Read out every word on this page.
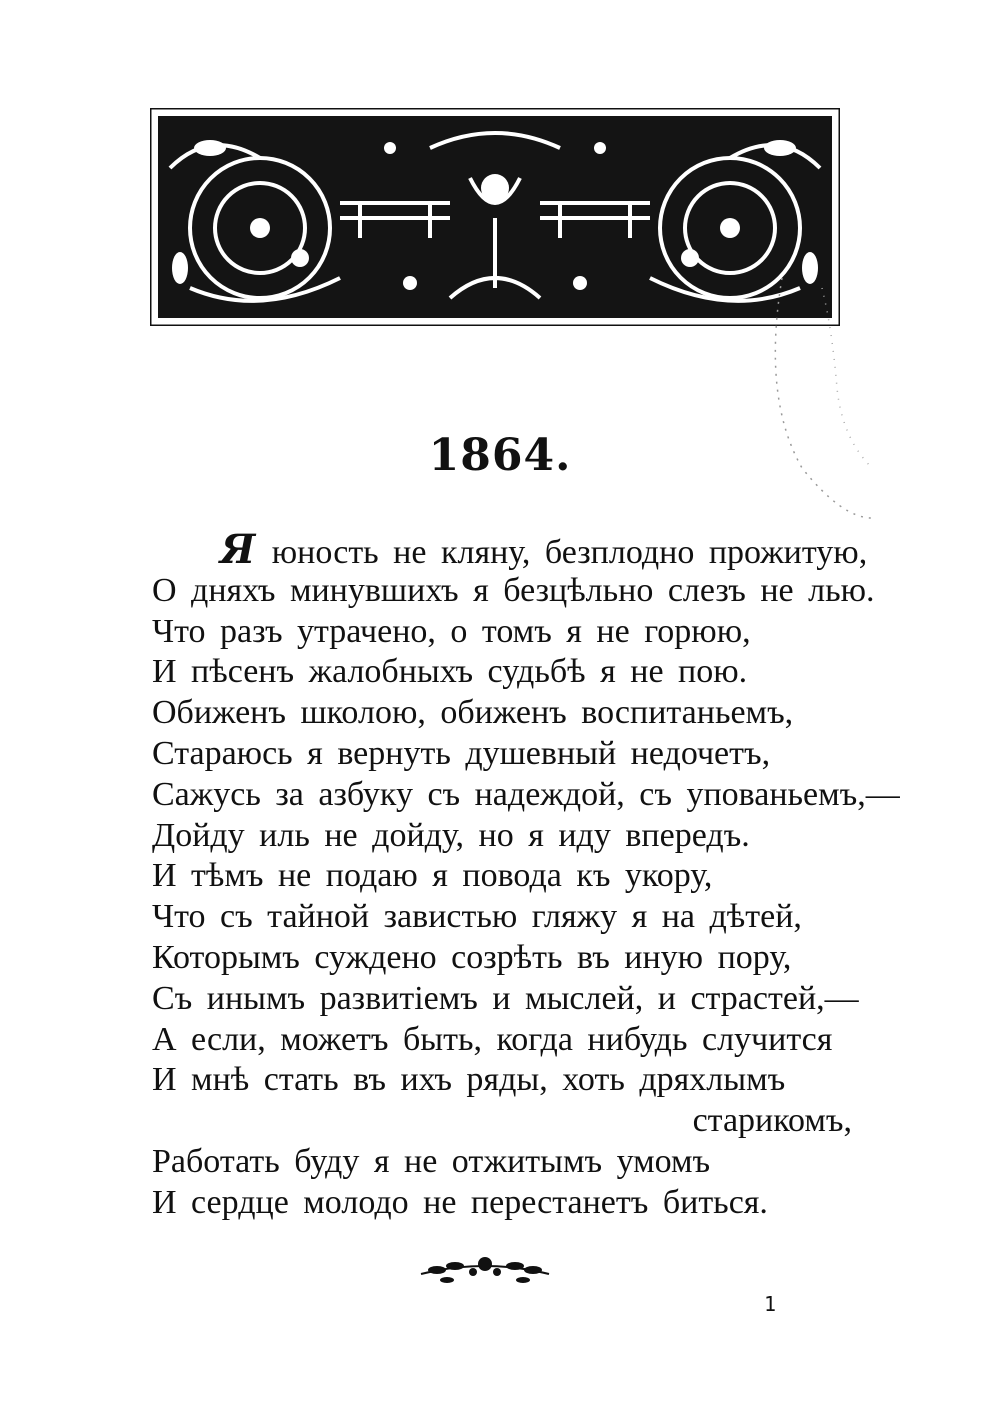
1864.
Я юность не кляну, безплодно прожитую,
О дняхъ минувшихъ я безцѣльно слезъ не лью.
Что разъ утрачено, о томъ я не горюю,
И пѣсенъ жалобныхъ судьбѣ я не пою.
Обиженъ школою, обиженъ воспитаньемъ,
Стараюсь я вернуть душевный недочетъ,
Сажусь за азбуку съ надеждой, съ упованьемъ,—
Дойду иль не дойду, но я иду впередъ.
И тѣмъ не подаю я повода къ укору,
Что съ тайной завистью гляжу я на дѣтей,
Которымъ суждено созрѣть въ иную пору,
Съ инымъ развитіемъ и мыслей, и страстей,—
А если, можетъ быть, когда нибудь случится
И мнѣ стать въ ихъ ряды, хоть дряхлымъ
старикомъ,
Работать буду я не отжитымъ умомъ
И сердце молодо не перестанетъ биться.
1
